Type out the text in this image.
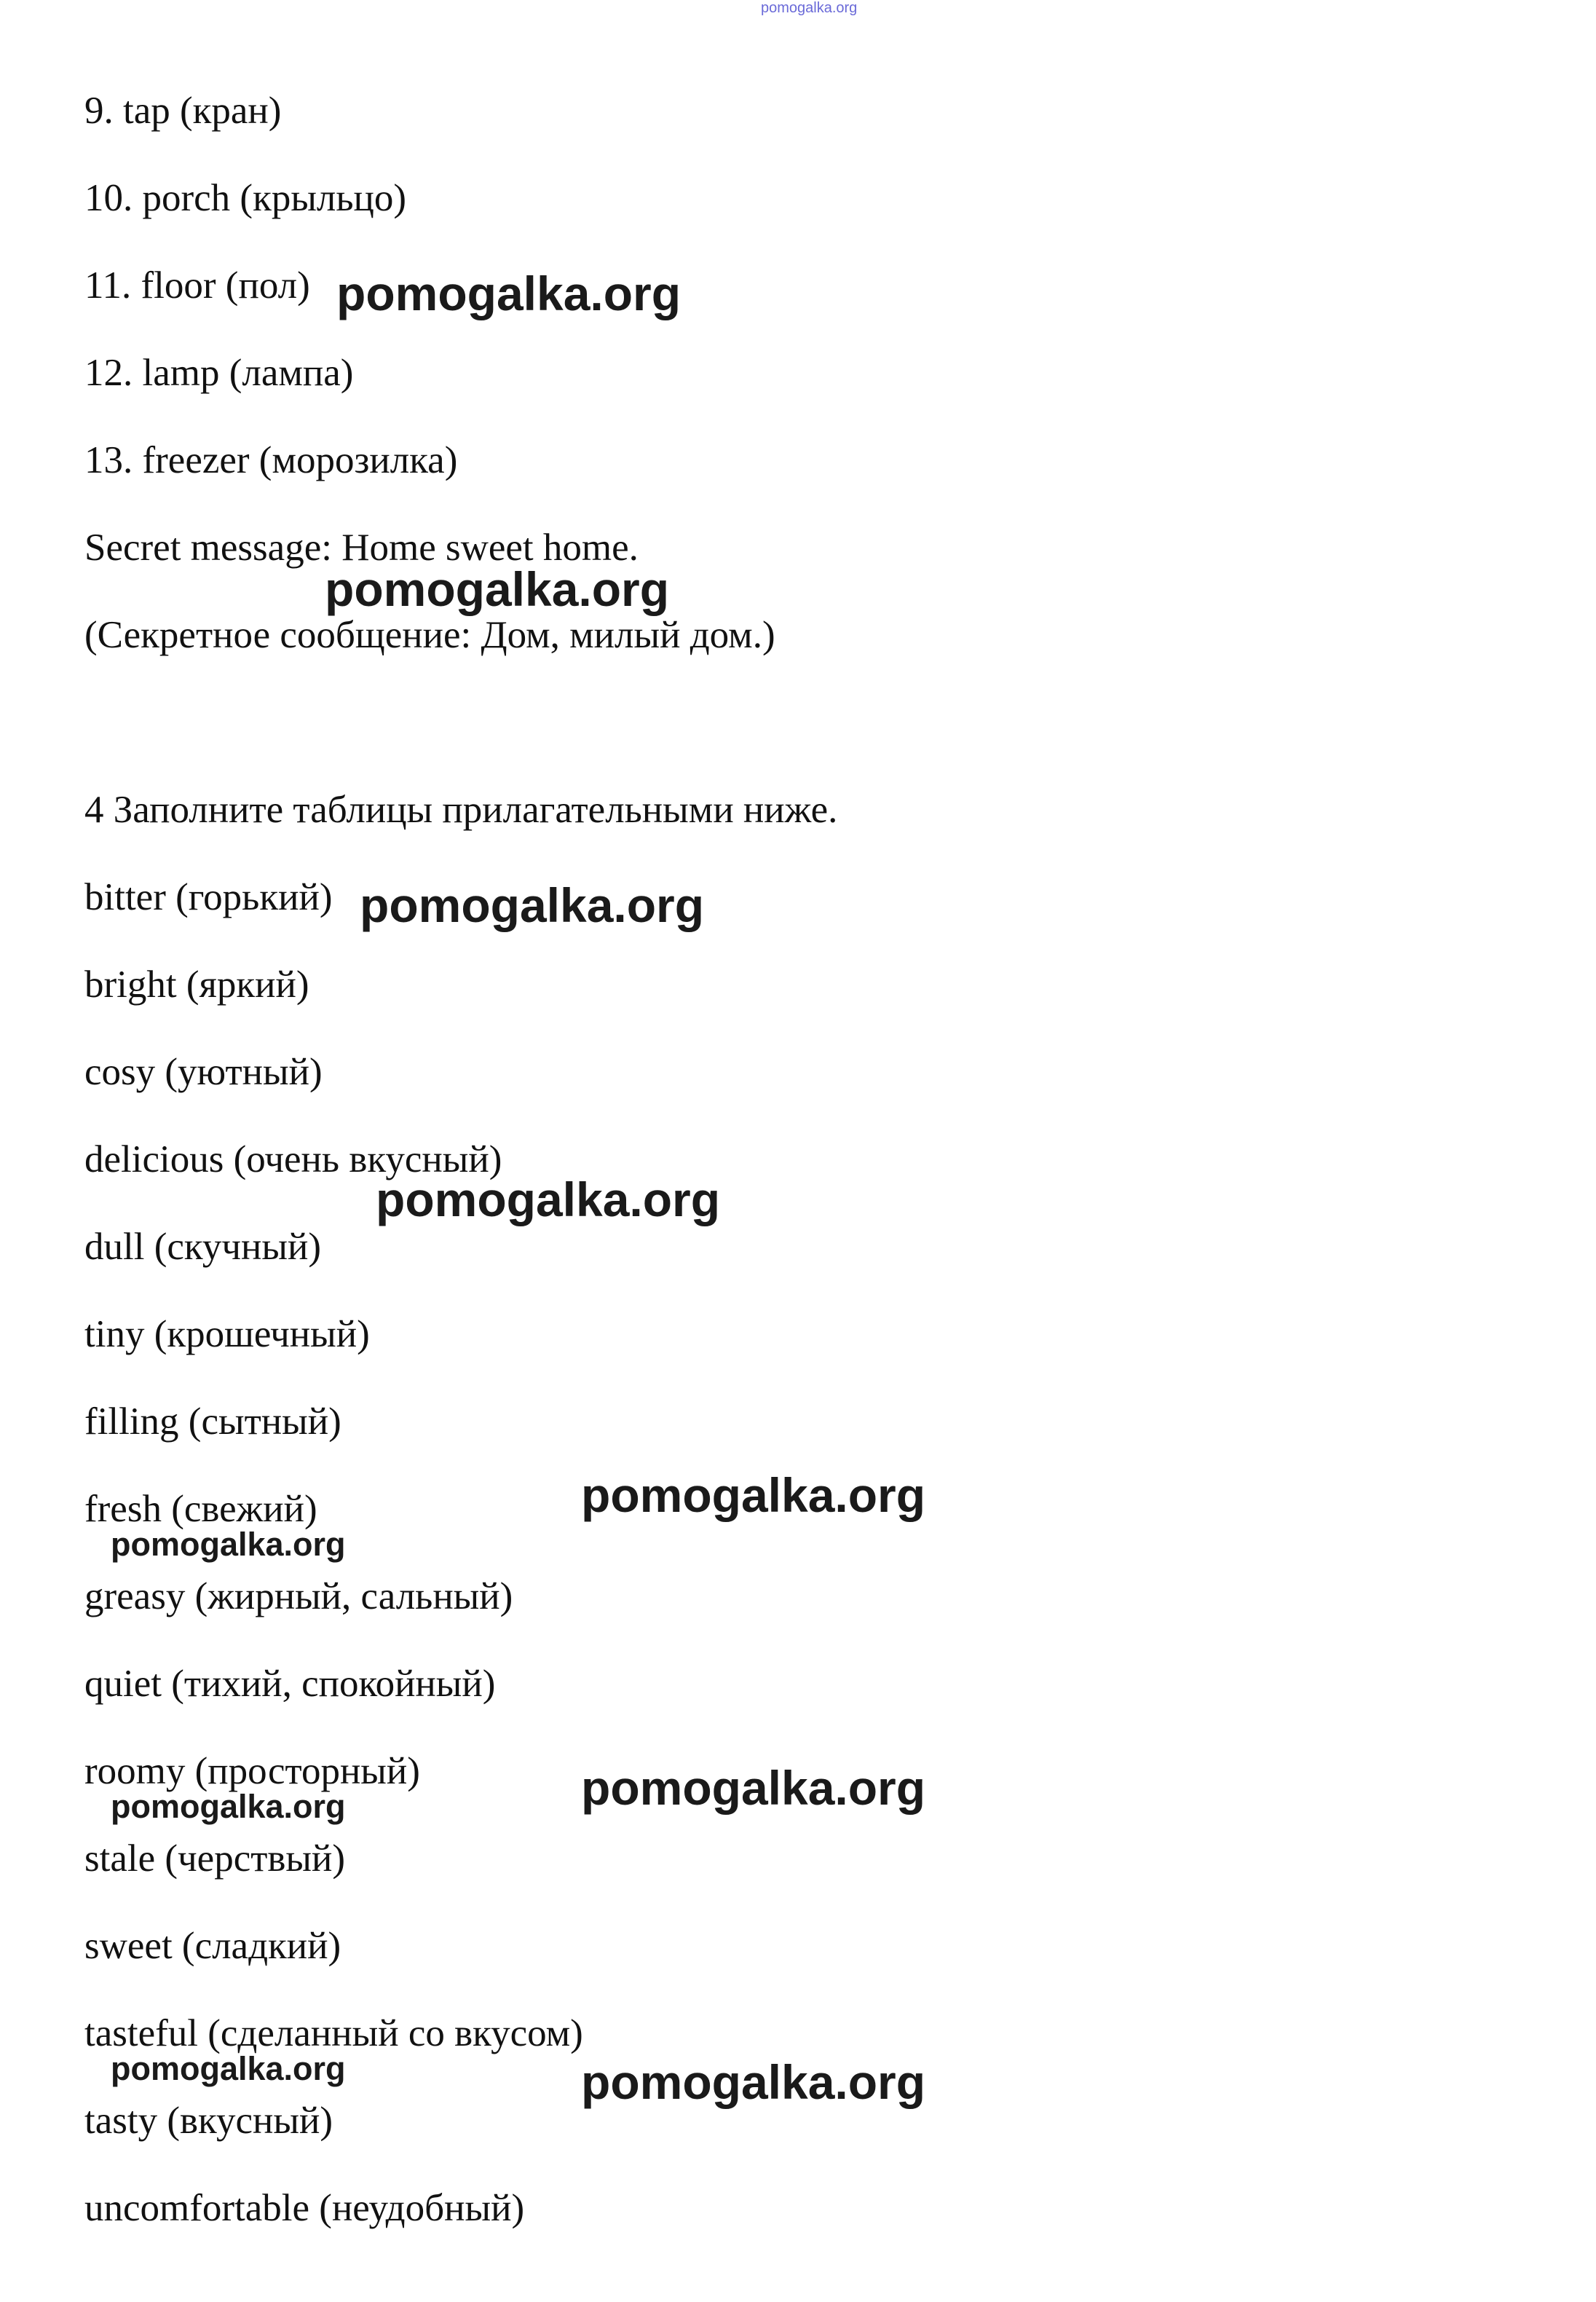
pomogalka.org
9. tap (кран)
10. porch (крыльцо)
11. floor (пол)
12. lamp (лампа)
13. freezer (морозилка)
Secret message: Home sweet home.
(Секретное сообщение: Дом, милый дом.)
4 Заполните таблицы прилагательными ниже.
bitter (горький)
bright (яркий)
cosy (уютный)
delicious (очень вкусный)
dull (скучный)
tiny (крошечный)
filling (сытный)
fresh (свежий)
greasy (жирный, сальный)
quiet (тихий, спокойный)
roomy (просторный)
stale (черствый)
sweet (сладкий)
tasteful (сделанный со вкусом)
tasty (вкусный)
uncomfortable (неудобный)
pomogalka.org
pomogalka.org
pomogalka.org
pomogalka.org
pomogalka.org
pomogalka.org
pomogalka.org
pomogalka.org
pomogalka.org	pomogalka.org
